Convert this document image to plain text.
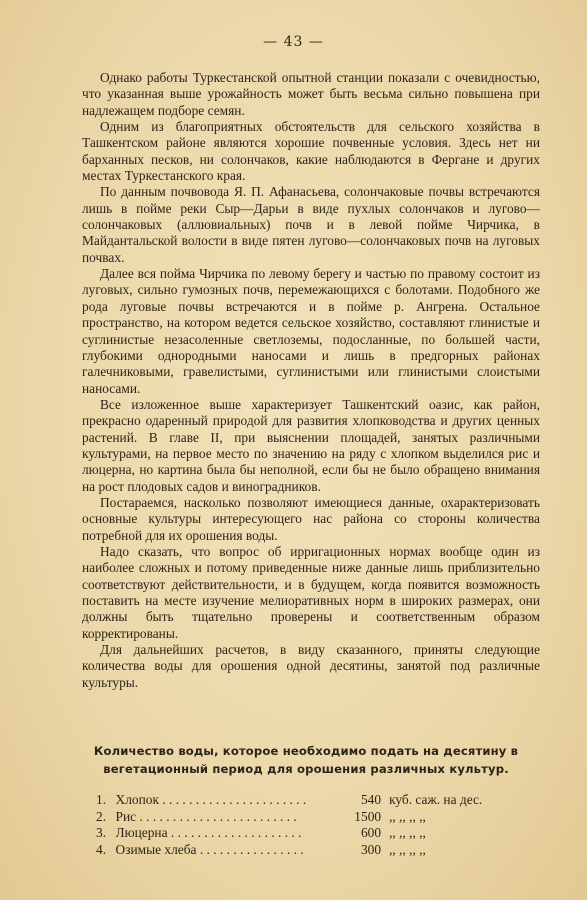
— 43 —

Однако работы Туркестанской опытной станции показали с очевидностью, что указанная выше урожайность может быть весьма сильно повышена при надлежащем подборе семян.

Одним из благоприятных обстоятельств для сельского хозяйства в Ташкентском районе являются хорошие почвенные условия. Здесь нет ни барханных песков, ни солончаков, какие наблюдаются в Фергане и других местах Туркестанского края.

По данным почвовода Я. П. Афанасьева, солончаковые почвы встречаются лишь в пойме реки Сыр—Дарьи в виде пухлых солончаков и лугово—солончаковых (аллювиальных) почв и в левой пойме Чирчика, в Майдантальской волости в виде пятен лугово—солончаковых почв на луговых почвах.

Далее вся пойма Чирчика по левому берегу и частью по правому состоит из луговых, сильно гумозных почв, перемежающихся с болотами. Подобного же рода луговые почвы встречаются и в пойме р. Ангрена. Остальное пространство, на котором ведется сельское хозяйство, составляют глинистые и суглинистые незасоленные светлоземы, подосланные, по большей части, глубокими однородными наносами и лишь в предгорных районах галечниковыми, гравелистыми, суглинистыми или глинистыми слоистыми наносами.

Все изложенное выше характеризует Ташкентский оазис, как район, прекрасно одаренный природой для развития хлопководства и других ценных растений. В главе II, при выяснении площадей, занятых различными культурами, на первое место по значению на ряду с хлопком выделился рис и люцерна, но картина была бы неполной, если бы не было обращено внимания на рост плодовых садов и виноградников.

Постараемся, насколько позволяют имеющиеся данные, охарактеризовать основные культуры интересующего нас района со стороны количества потребной для их орошения воды.

Надо сказать, что вопрос об ирригационных нормах вообще один из наиболее сложных и потому приведенные ниже данные лишь приблизительно соответствуют действительности, и в будущем, когда появится возможность поставить на месте изучение мелиоративных норм в широких размерах, они должны быть тщательно проверены и соответственным образом корректированы.

Для дальнейших расчетов, в виду сказанного, приняты следующие количества воды для орошения одной десятины, занятой под различные культуры.

Количество воды, которое необходимо подать на десятину в вегетационный период для орошения различных культур.
1. Хлопок . . . . . . . . . . . . . . . . . . . . . .	540 куб. саж. на дес.
2. Рис . . . . . . . . . . . . . . . . . . . . . . . .	1500 ,, ,, ,, ,,
3. Люцерна . . . . . . . . . . . . . . . . . . . .	600 ,, ,, ,, ,,
4. Озимые хлеба . . . . . . . . . . . . . . . .	300 ,, ,, ,, ,,
